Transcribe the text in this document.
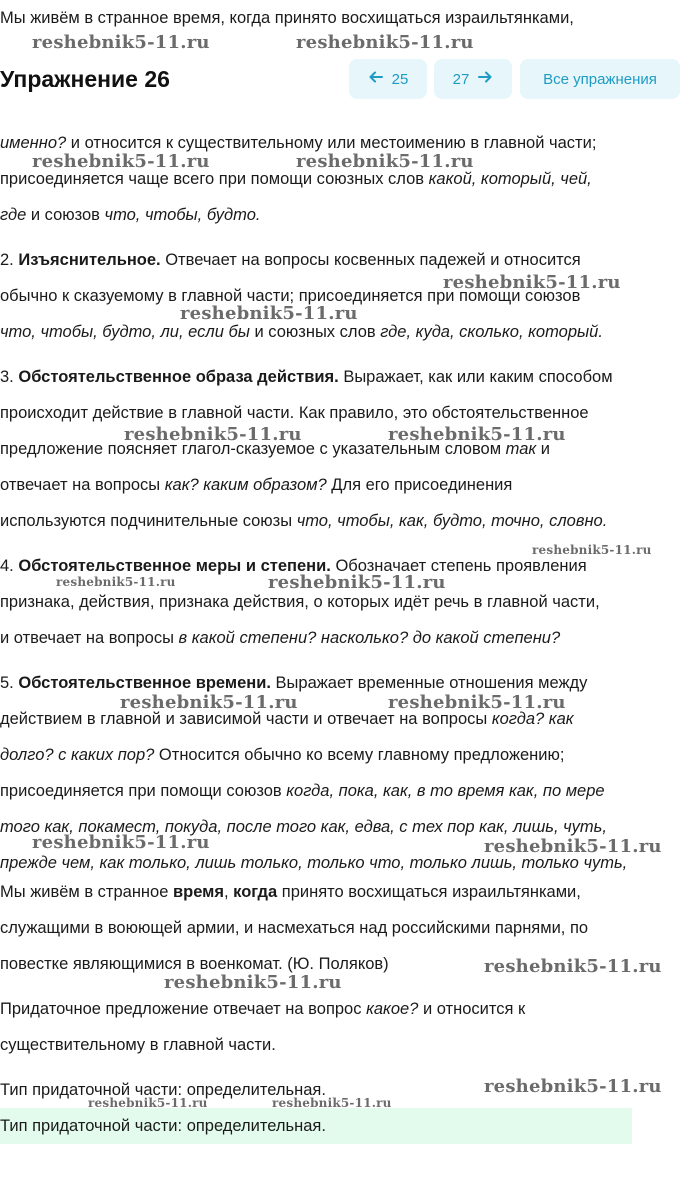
Мы живём в странное время, когда принято восхищаться израильтянками,
именно? и относится к существительному или местоимению в главной части;
присоединяется чаще всего при помощи союзных слов какой, который, чей,
где и союзов что, чтобы, будто.
2. Изъяснительное. Отвечает на вопросы косвенных падежей и относится
обычно к сказуемому в главной части; присоединяется при помощи союзов
что, чтобы, будто, ли, если бы и союзных слов где, куда, сколько, который.
3. Обстоятельственное образа действия. Выражает, как или каким способом
происходит действие в главной части. Как правило, это обстоятельственное
предложение поясняет глагол-сказуемое с указательным словом так и
отвечает на вопросы как? каким образом? Для его присоединения
используются подчинительные союзы что, чтобы, как, будто, точно, словно.
4. Обстоятельственное меры и степени. Обозначает степень проявления
признака, действия, признака действия, о которых идёт речь в главной части,
и отвечает на вопросы в какой степени? насколько? до какой степени?
5. Обстоятельственное времени. Выражает временные отношения между
действием в главной и зависимой части и отвечает на вопросы когда? как
долго? с каких пор? Относится обычно ко всему главному предложению;
присоединяется при помощи союзов когда, пока, как, в то время как, по мере
того как, покамест, покуда, после того как, едва, с тех пор как, лишь, чуть,
прежде чем, как только, лишь только, только что, только лишь, только чуть,
Мы живём в странное время, когда принято восхищаться израильтянками,
служащими в воюющей армии, и насмехаться над российскими парнями, по
повестке являющимися в военкомат. (Ю. Поляков)
Придаточное предложение отвечает на вопрос какое? и относится к
существительному в главной части.
Тип придаточной части: определительная.
Тип придаточной части: определительная.
Упражнение 26	25	27	Все упражнения
reshebnik5-11.ru	reshebnik5-11.ru
reshebnik5-11.ru	reshebnik5-11.ru
reshebnik5-11.ru
reshebnik5-11.ru
reshebnik5-11.ru	reshebnik5-11.ru
reshebnik5-11.ru
reshebnik5-11.ru	reshebnik5-11.ru
reshebnik5-11.ru	reshebnik5-11.ru
reshebnik5-11.ru	reshebnik5-11.ru
reshebnik5-11.ru
reshebnik5-11.ru
reshebnik5-11.ru
reshebnik5-11.ru	reshebnik5-11.ru
